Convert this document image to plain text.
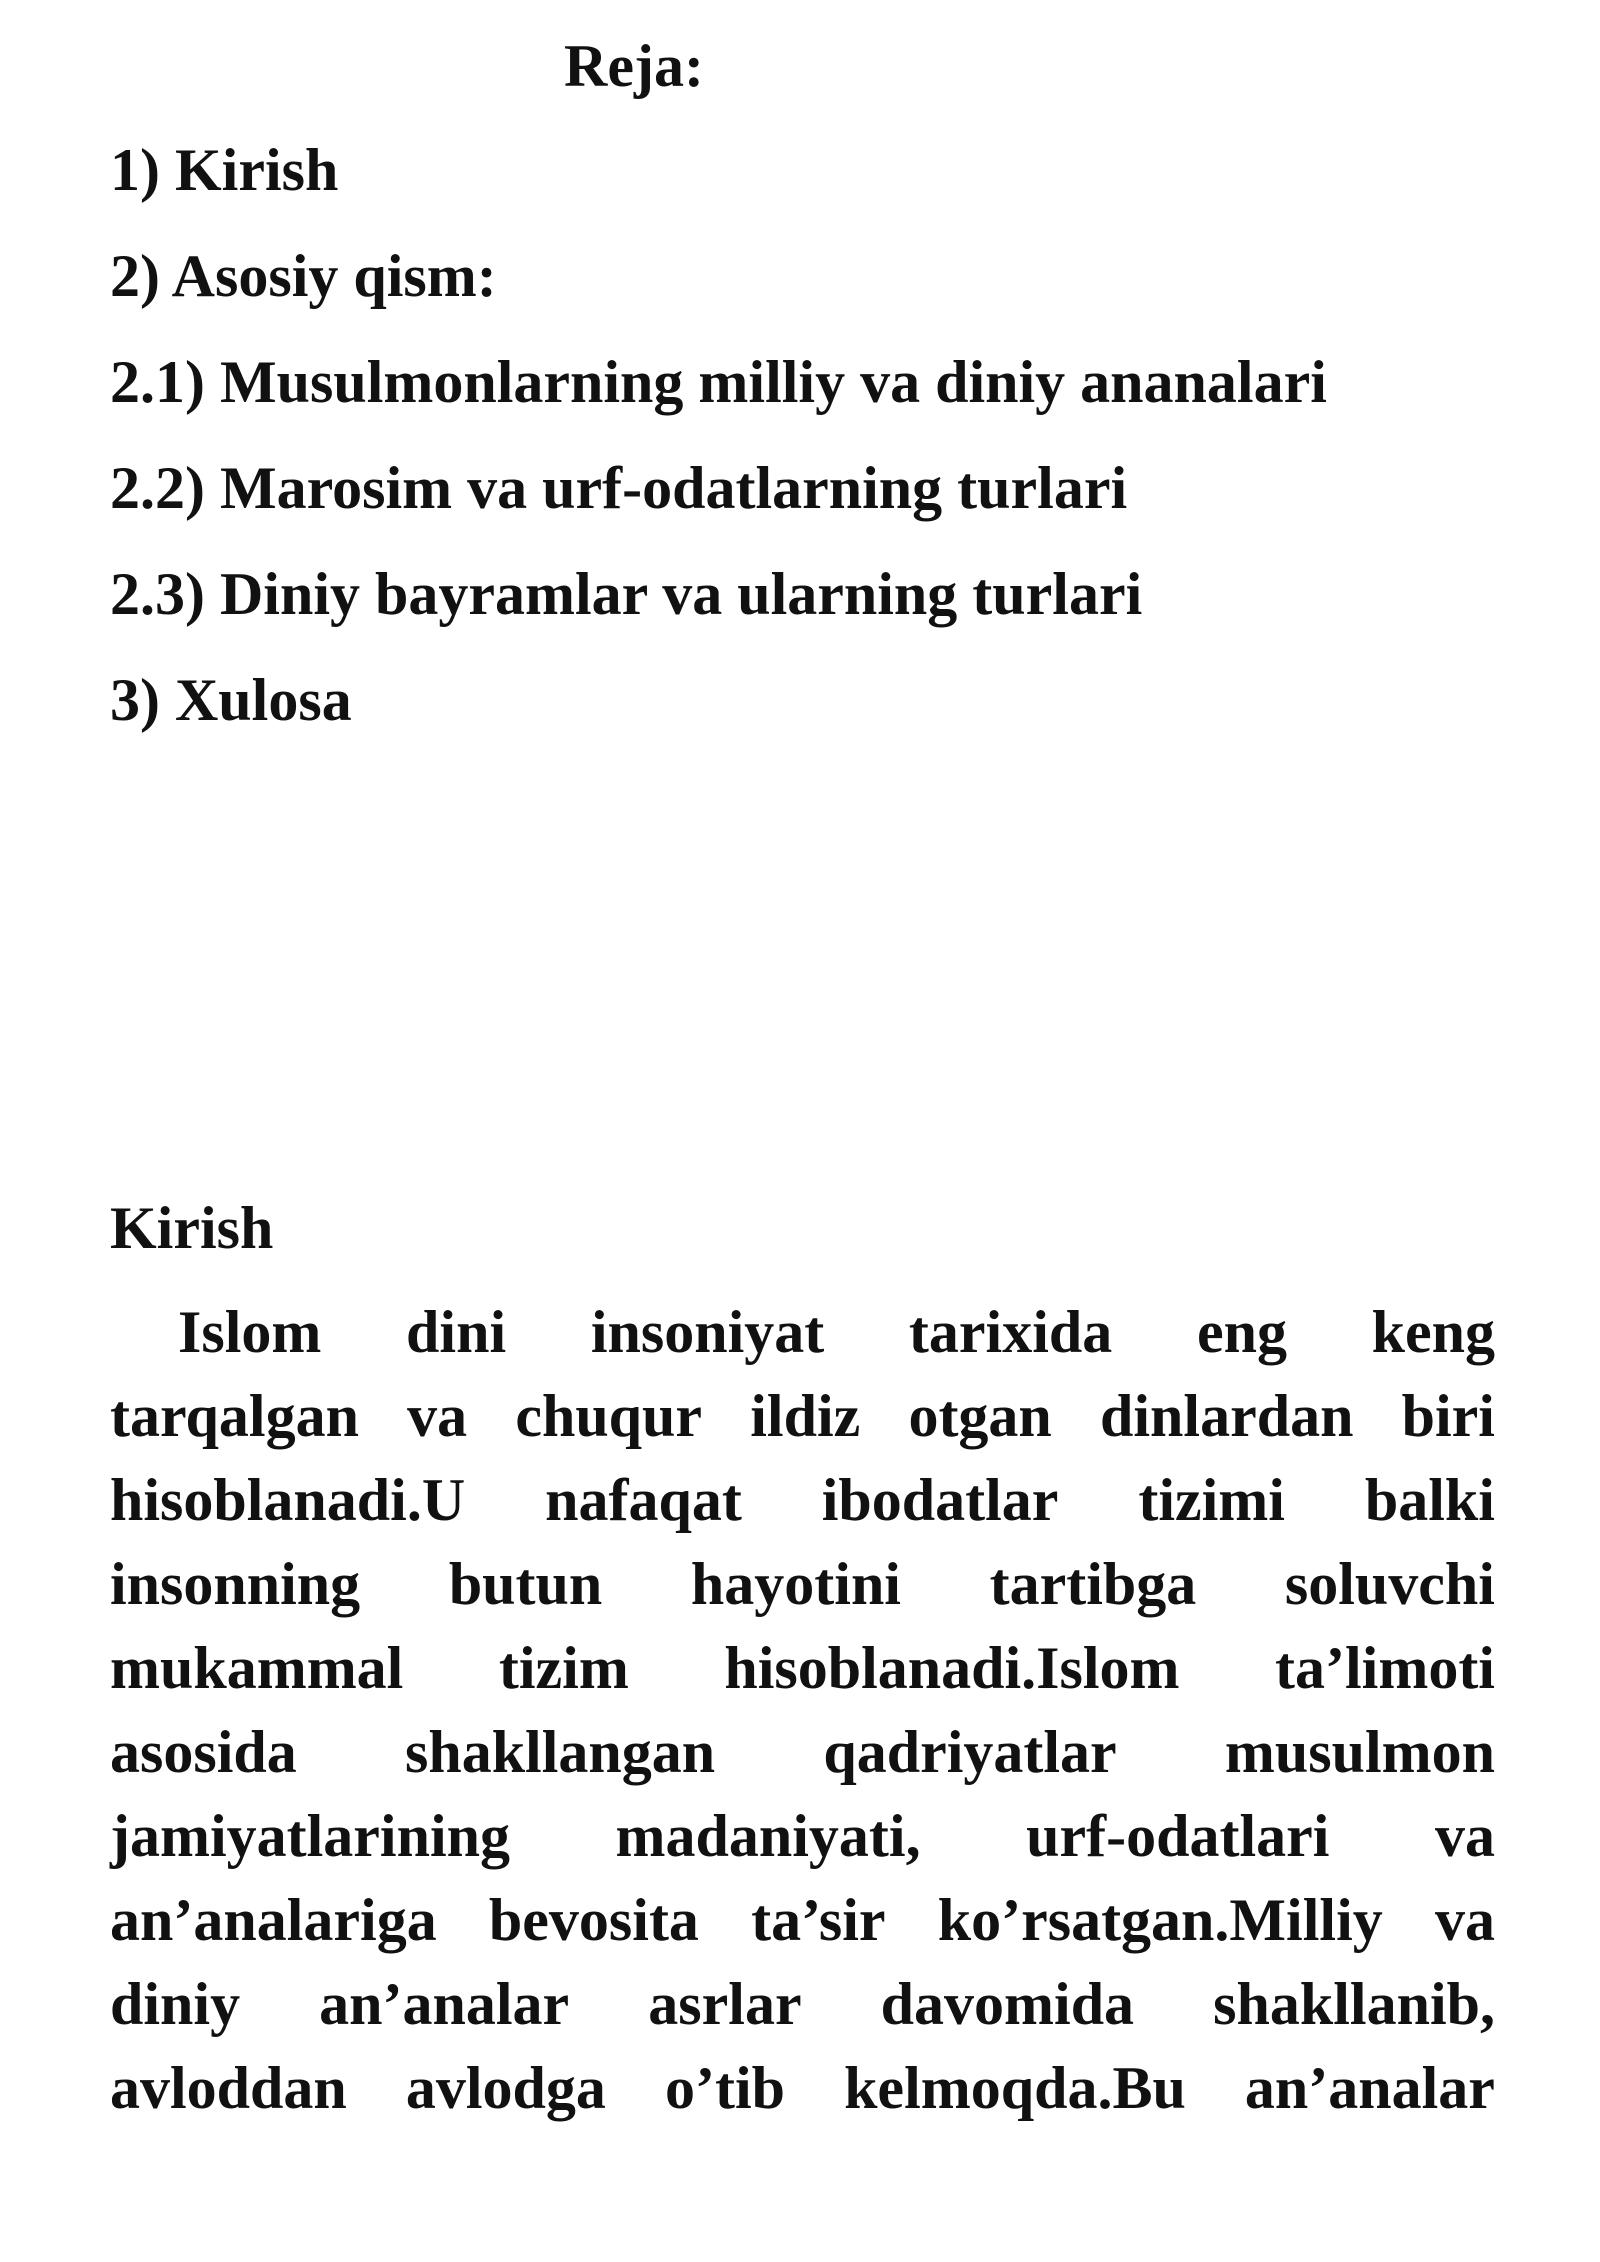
Reja:
1) Kirish
2) Asosiy qism:
2.1) Musulmonlarning milliy va diniy ananalari
2.2) Marosim va urf-odatlarning turlari
2.3) Diniy bayramlar va ularning turlari
3) Xulosa
Kirish
Islom dini insoniyat tarixida eng keng
tarqalgan va chuqur ildiz otgan dinlardan biri
hisoblanadi.U nafaqat ibodatlar tizimi balki
insonning butun hayotini tartibga soluvchi
mukammal tizim hisoblanadi.Islom ta’limoti
asosida shakllangan qadriyatlar musulmon
jamiyatlarining madaniyati, urf-odatlari va
an’analariga bevosita ta’sir ko’rsatgan.Milliy va
diniy an’analar asrlar davomida shakllanib,
avloddan avlodga o’tib kelmoqda.Bu an’analar
